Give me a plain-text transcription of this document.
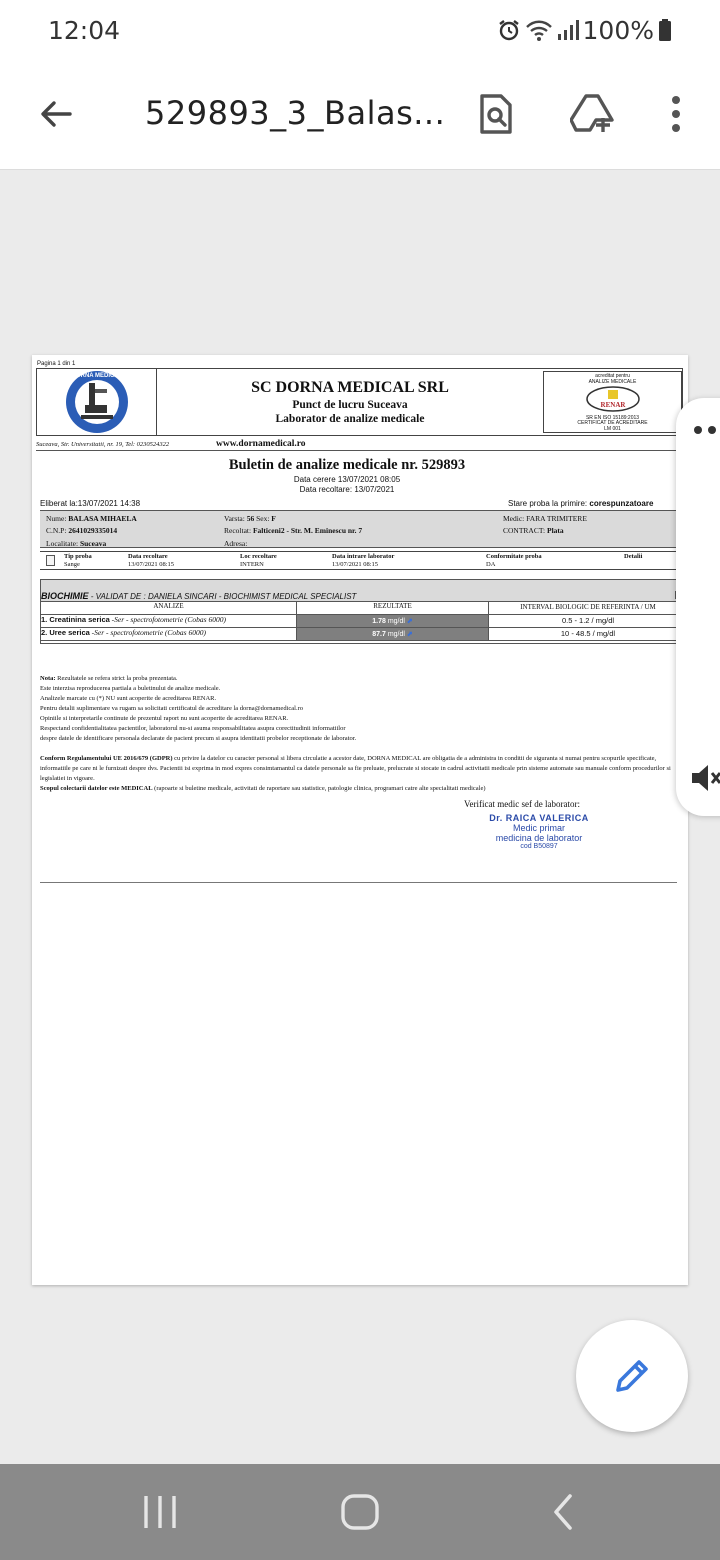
12:04	100%
529893_3_Balas...
Pagina 1 din 1
DORNA MEDICAL
SC DORNA MEDICAL SRL
Punct de lucru Suceava
Laborator de analize medicale
acreditat pentru
ANALIZE MEDICALE
RENAR
SR EN ISO 15189:2013
CERTIFICAT DE ACREDITARE
LM 001
Suceava, Str. Universitatii, nr. 19, Tel: 0230524322	www.dornamedical.ro
Buletin de analize medicale nr. 529893
Data cerere 13/07/2021 08:05
Data recoltare: 13/07/2021
Eliberat la:13/07/2021 14:38	Stare proba la primire: corespunzatoare
Nume: BALASA MIHAELA
C.N.P: 2641029335014
Localitate: Suceava
Varsta: 56 Sex: F
Recoltat: Falticeni2 - Str. M. Eminescu nr. 7
Adresa:
Medic: FARA TRIMITERE
CONTRACT: Plata
Tip proba	Data recoltare	Loc recoltare	Data intrare laborator	Conformitate proba	Detalii
Sange	13/07/2021 08:15	INTERN	13/07/2021 08:15	DA
BIOCHIMIE - VALIDAT DE : DANIELA SINCARI - BIOCHIMIST MEDICAL SPECIALIST
ANALIZE	REZULTATE	INTERVAL BIOLOGIC DE REFERINTA / UM
1. Creatinina serica -Ser - spectrofotometrie (Cobas 6000)	1.78 mg/dl ⬈	0.5 - 1.2 / mg/dl
2. Uree serica -Ser - spectrofotometrie (Cobas 6000)	87.7 mg/dl ⬈	10 - 48.5 / mg/dl
Nota: Rezultatele se refera strict la proba prezentata.
Este interzisa reproducerea partiala a buletinului de analize medicale.
Analizele marcate cu (*) NU sunt acoperite de acreditarea RENAR.
Pentru detalii suplimentare va rugam sa solicitati certificatul de acreditare la dorna@dornamedical.ro
Opiniile si interpretarile continute de prezentul raport nu sunt acoperite de acreditarea RENAR.
Respectand confidentialitatea pacientilor, laboratorul nu-si asuma responsabilitatea asupra corectitudinii informatiilor
despre datele de identificare personala declarate de pacient precum si asupra identitatii probelor receptionate de laborator.
Conform Regulamentului UE 2016/679 (GDPR) cu privire la datelor cu caracter personal si libera circulatie a acestor date, DORNA MEDICAL are obligatia de a administra in conditii de siguranta si numai pentru scopurile specificate, informatiile pe care ni le furnizati despre dvs. Pacientii isi exprima in mod expres consimtamantul ca datele personale sa fie preluate, prelucrate si stocate in cadrul activitatii medicale prin sisteme automate sau manuale conform procedurilor si legislatiei in vigoare.
Scopul colectarii datelor este MEDICAL (rapoarte si buletine medicale, activitati de raportare sau statistice, patologie clinica, programari catre alte specialitati medicale)
Verificat medic sef de laborator:
Dr. RAICA VALERICA
Medic primar
medicina de laborator
cod B50897
